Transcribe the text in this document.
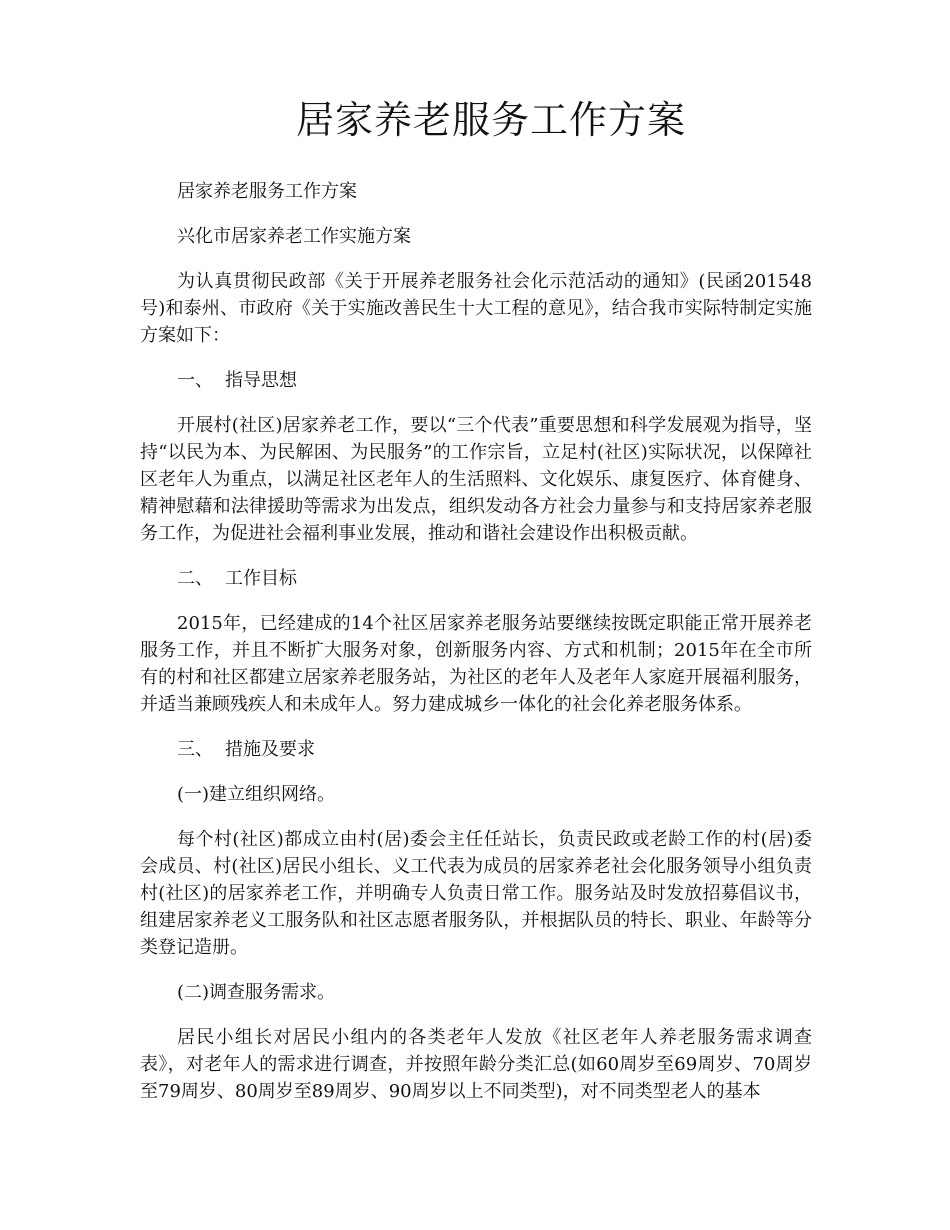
居家养老服务工作方案

居家养老服务工作方案

兴化市居家养老工作实施方案

为认真贯彻民政部《关于开展养老服务社会化示范活动的通知》(民函201548号)和泰州、市政府《关于实施改善民生十大工程的意见》，结合我市实际特制定实施方案如下：

一、 指导思想

开展村(社区)居家养老工作，要以“三个代表”重要思想和科学发展观为指导，坚持“以民为本、为民解困、为民服务”的工作宗旨，立足村(社区)实际状况，以保障社区老年人为重点，以满足社区老年人的生活照料、文化娱乐、康复医疗、体育健身、精神慰藉和法律援助等需求为出发点，组织发动各方社会力量参与和支持居家养老服务工作，为促进社会福利事业发展，推动和谐社会建设作出积极贡献。

二、 工作目标

2015年，已经建成的14个社区居家养老服务站要继续按既定职能正常开展养老服务工作，并且不断扩大服务对象，创新服务内容、方式和机制；2015年在全市所有的村和社区都建立居家养老服务站，为社区的老年人及老年人家庭开展福利服务，并适当兼顾残疾人和未成年人。努力建成城乡一体化的社会化养老服务体系。

三、 措施及要求

(一)建立组织网络。

每个村(社区)都成立由村(居)委会主任任站长，负责民政或老龄工作的村(居)委会成员、村(社区)居民小组长、义工代表为成员的居家养老社会化服务领导小组负责村(社区)的居家养老工作，并明确专人负责日常工作。服务站及时发放招募倡议书，组建居家养老义工服务队和社区志愿者服务队，并根据队员的特长、职业、年龄等分类登记造册。

(二)调查服务需求。

居民小组长对居民小组内的各类老年人发放《社区老年人养老服务需求调查表》，对老年人的需求进行调查，并按照年龄分类汇总(如60周岁至69周岁、70周岁至79周岁、80周岁至89周岁、90周岁以上不同类型)，对不同类型老人的基本
